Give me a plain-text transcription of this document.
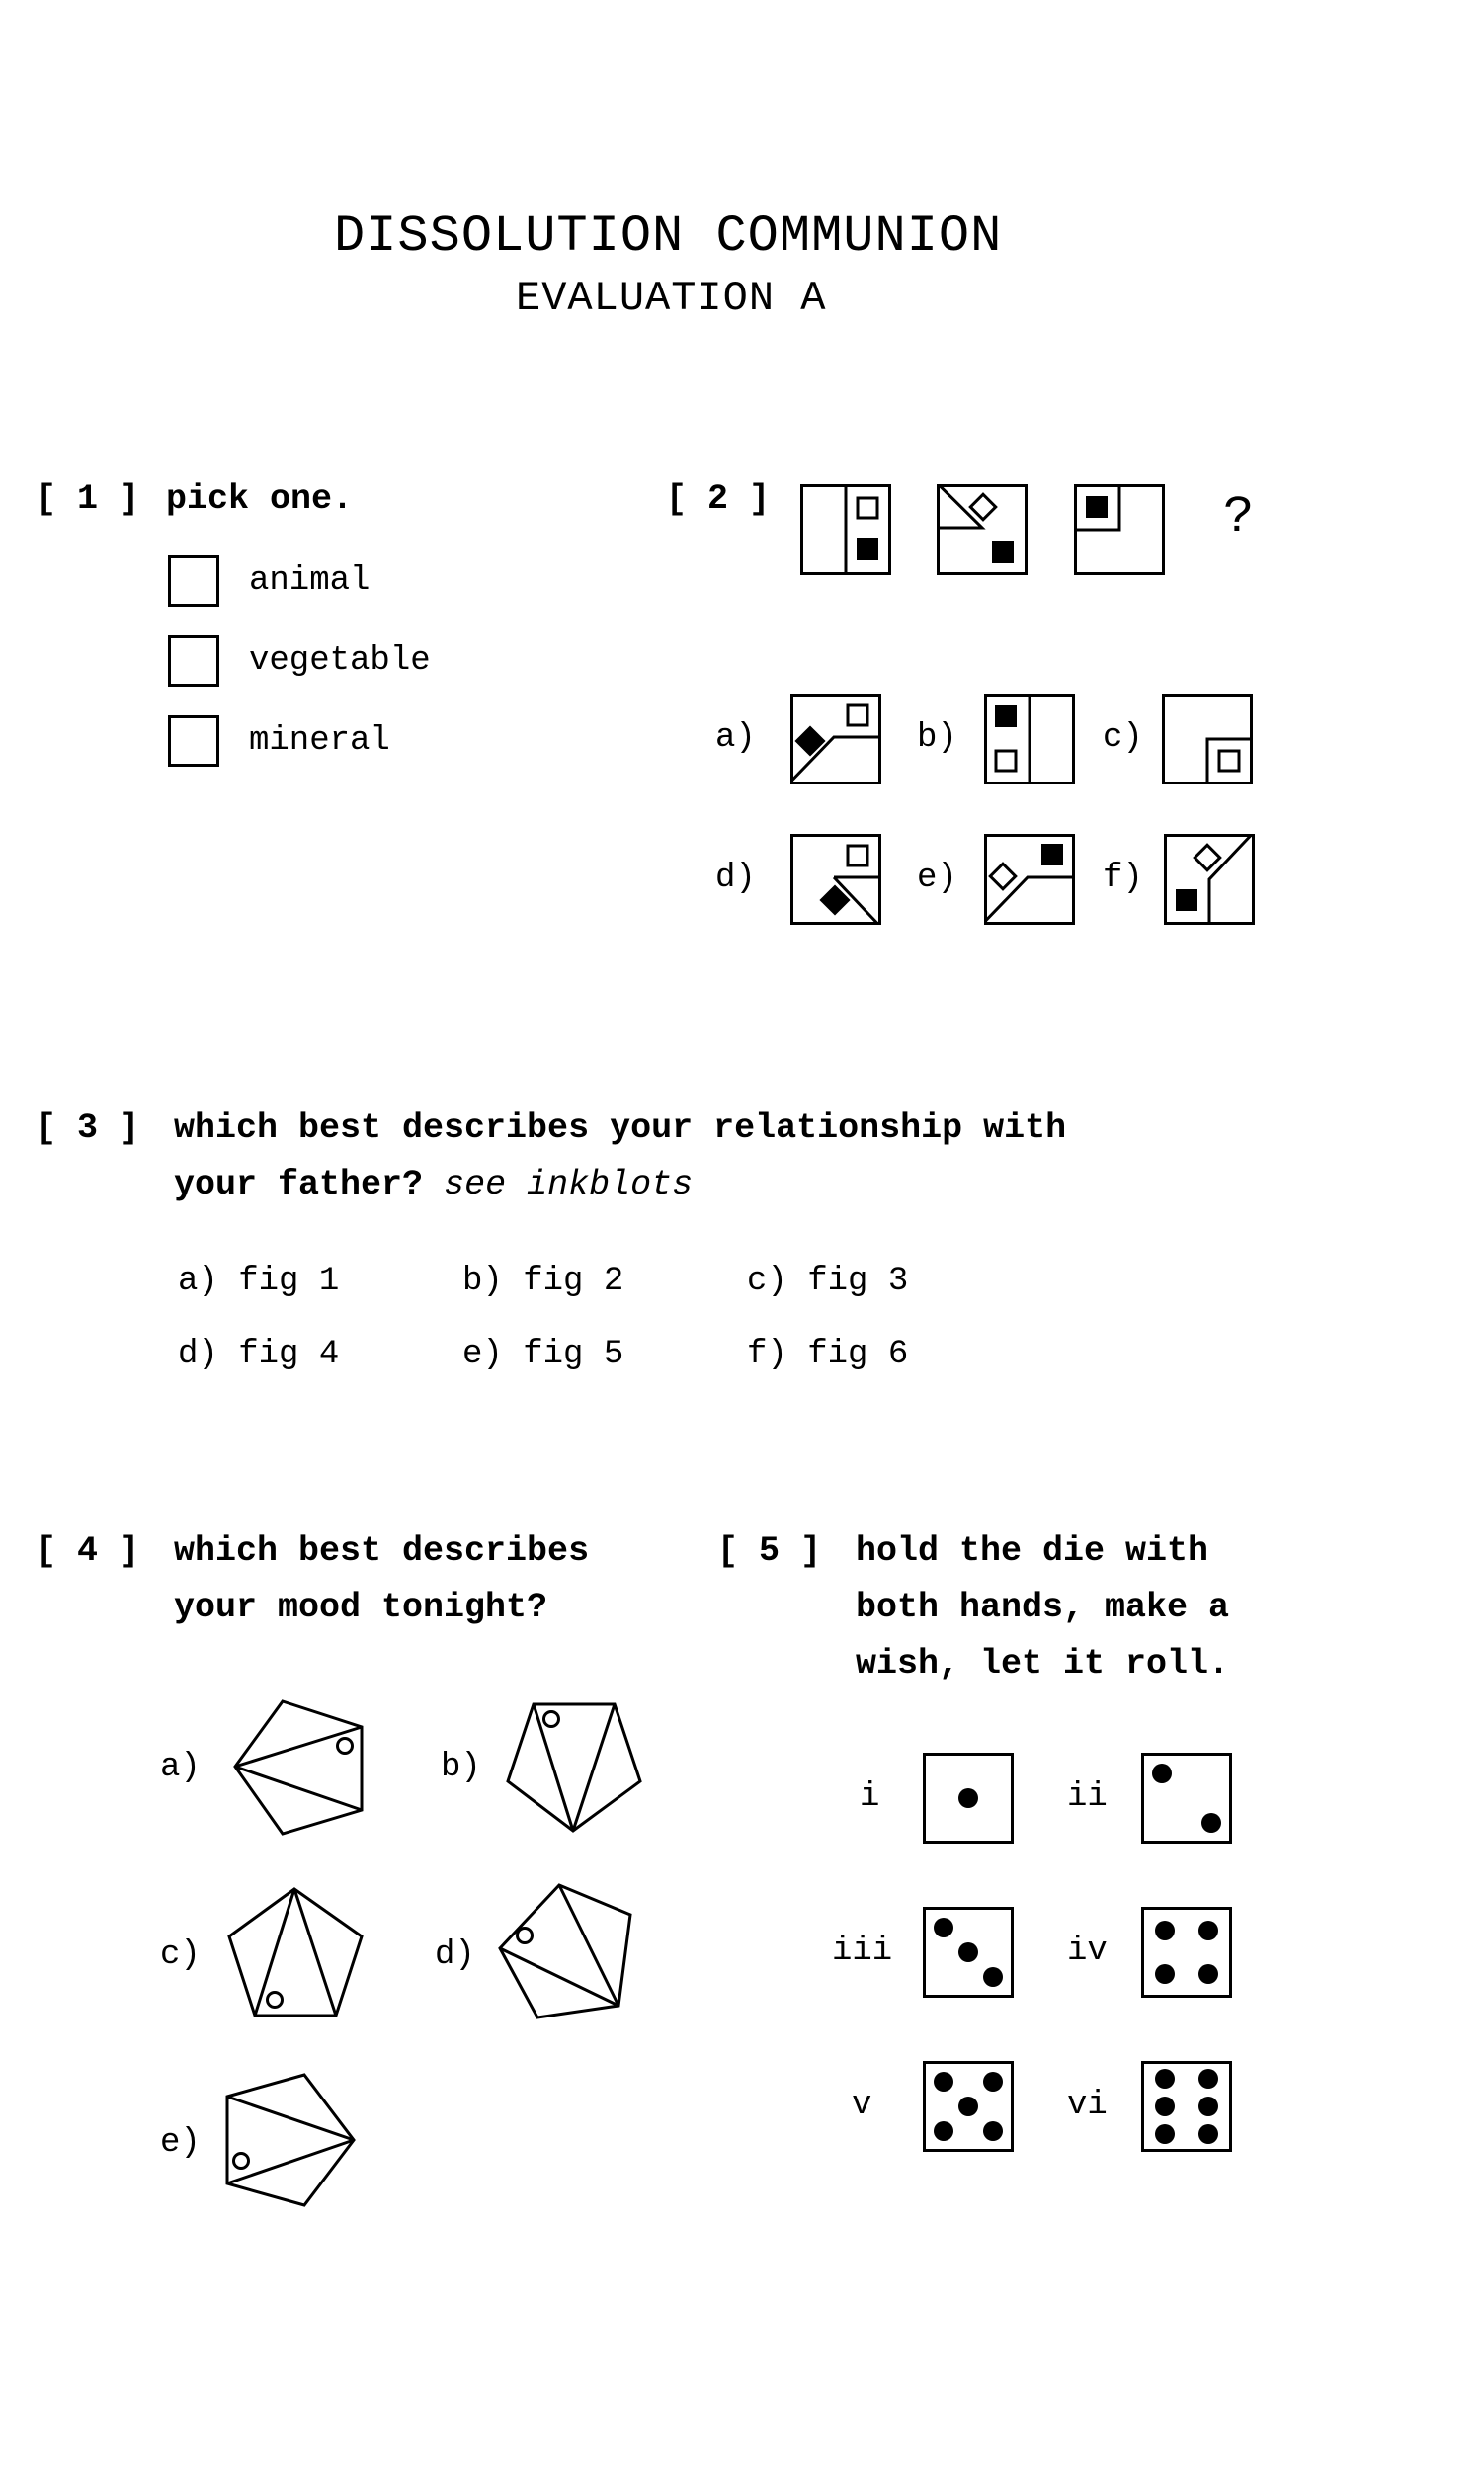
DISSOLUTION COMMUNION
EVALUATION A
[ 1 ] pick one.
animal
vegetable
mineral
[ 2 ]	?
a)	b)	c)
d)	e)	f)
[ 3 ] which best describes your relationship with
your father? see inkblots
a) fig 1	b) fig 2	c) fig 3
d) fig 4	e) fig 5	f) fig 6
[ 4 ] which best describes
your mood tonight?
a)	b)
c)	d)
e)
[ 5 ] hold the die with
both hands, make a
wish, let it roll.
i	ii
iii	iv
v	vi
